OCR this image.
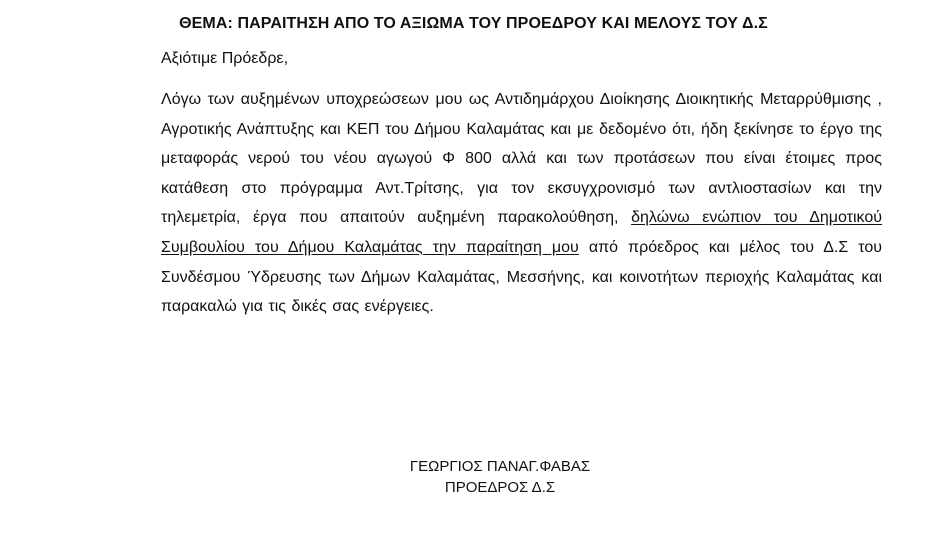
ΘΕΜΑ: ΠΑΡΑΙΤΗΣΗ ΑΠΟ ΤΟ ΑΞΙΩΜΑ ΤΟΥ ΠΡΟΕΔΡΟΥ ΚΑΙ ΜΕΛΟΥΣ ΤΟΥ Δ.Σ
Αξιότιμε Πρόεδρε,
Λόγω των αυξημένων υποχρεώσεων μου ως Αντιδημάρχου Διοίκησης Διοικητικής Μεταρρύθμισης , Αγροτικής Ανάπτυξης και ΚΕΠ του Δήμου Καλαμάτας και με δεδομένο ότι, ήδη ξεκίνησε το έργο της μεταφοράς νερού του νέου αγωγού Φ 800 αλλά και των προτάσεων που είναι έτοιμες προς κατάθεση στο πρόγραμμα Αντ.Τρίτσης, για τον εκσυγχρονισμό των αντλιοστασίων και την τηλεμετρία, έργα που απαιτούν αυξημένη παρακολούθηση, δηλώνω ενώπιον του Δημοτικού Συμβουλίου του Δήμου Καλαμάτας την παραίτηση μου από πρόεδρος και μέλος του Δ.Σ του Συνδέσμου Ύδρευσης των Δήμων Καλαμάτας, Μεσσήνης, και κοινοτήτων περιοχής Καλαμάτας και παρακαλώ για τις δικές σας ενέργειες.
ΓΕΩΡΓΙΟΣ ΠΑΝΑΓ.ΦΑΒΑΣ
ΠΡΟΕΔΡΟΣ Δ.Σ
